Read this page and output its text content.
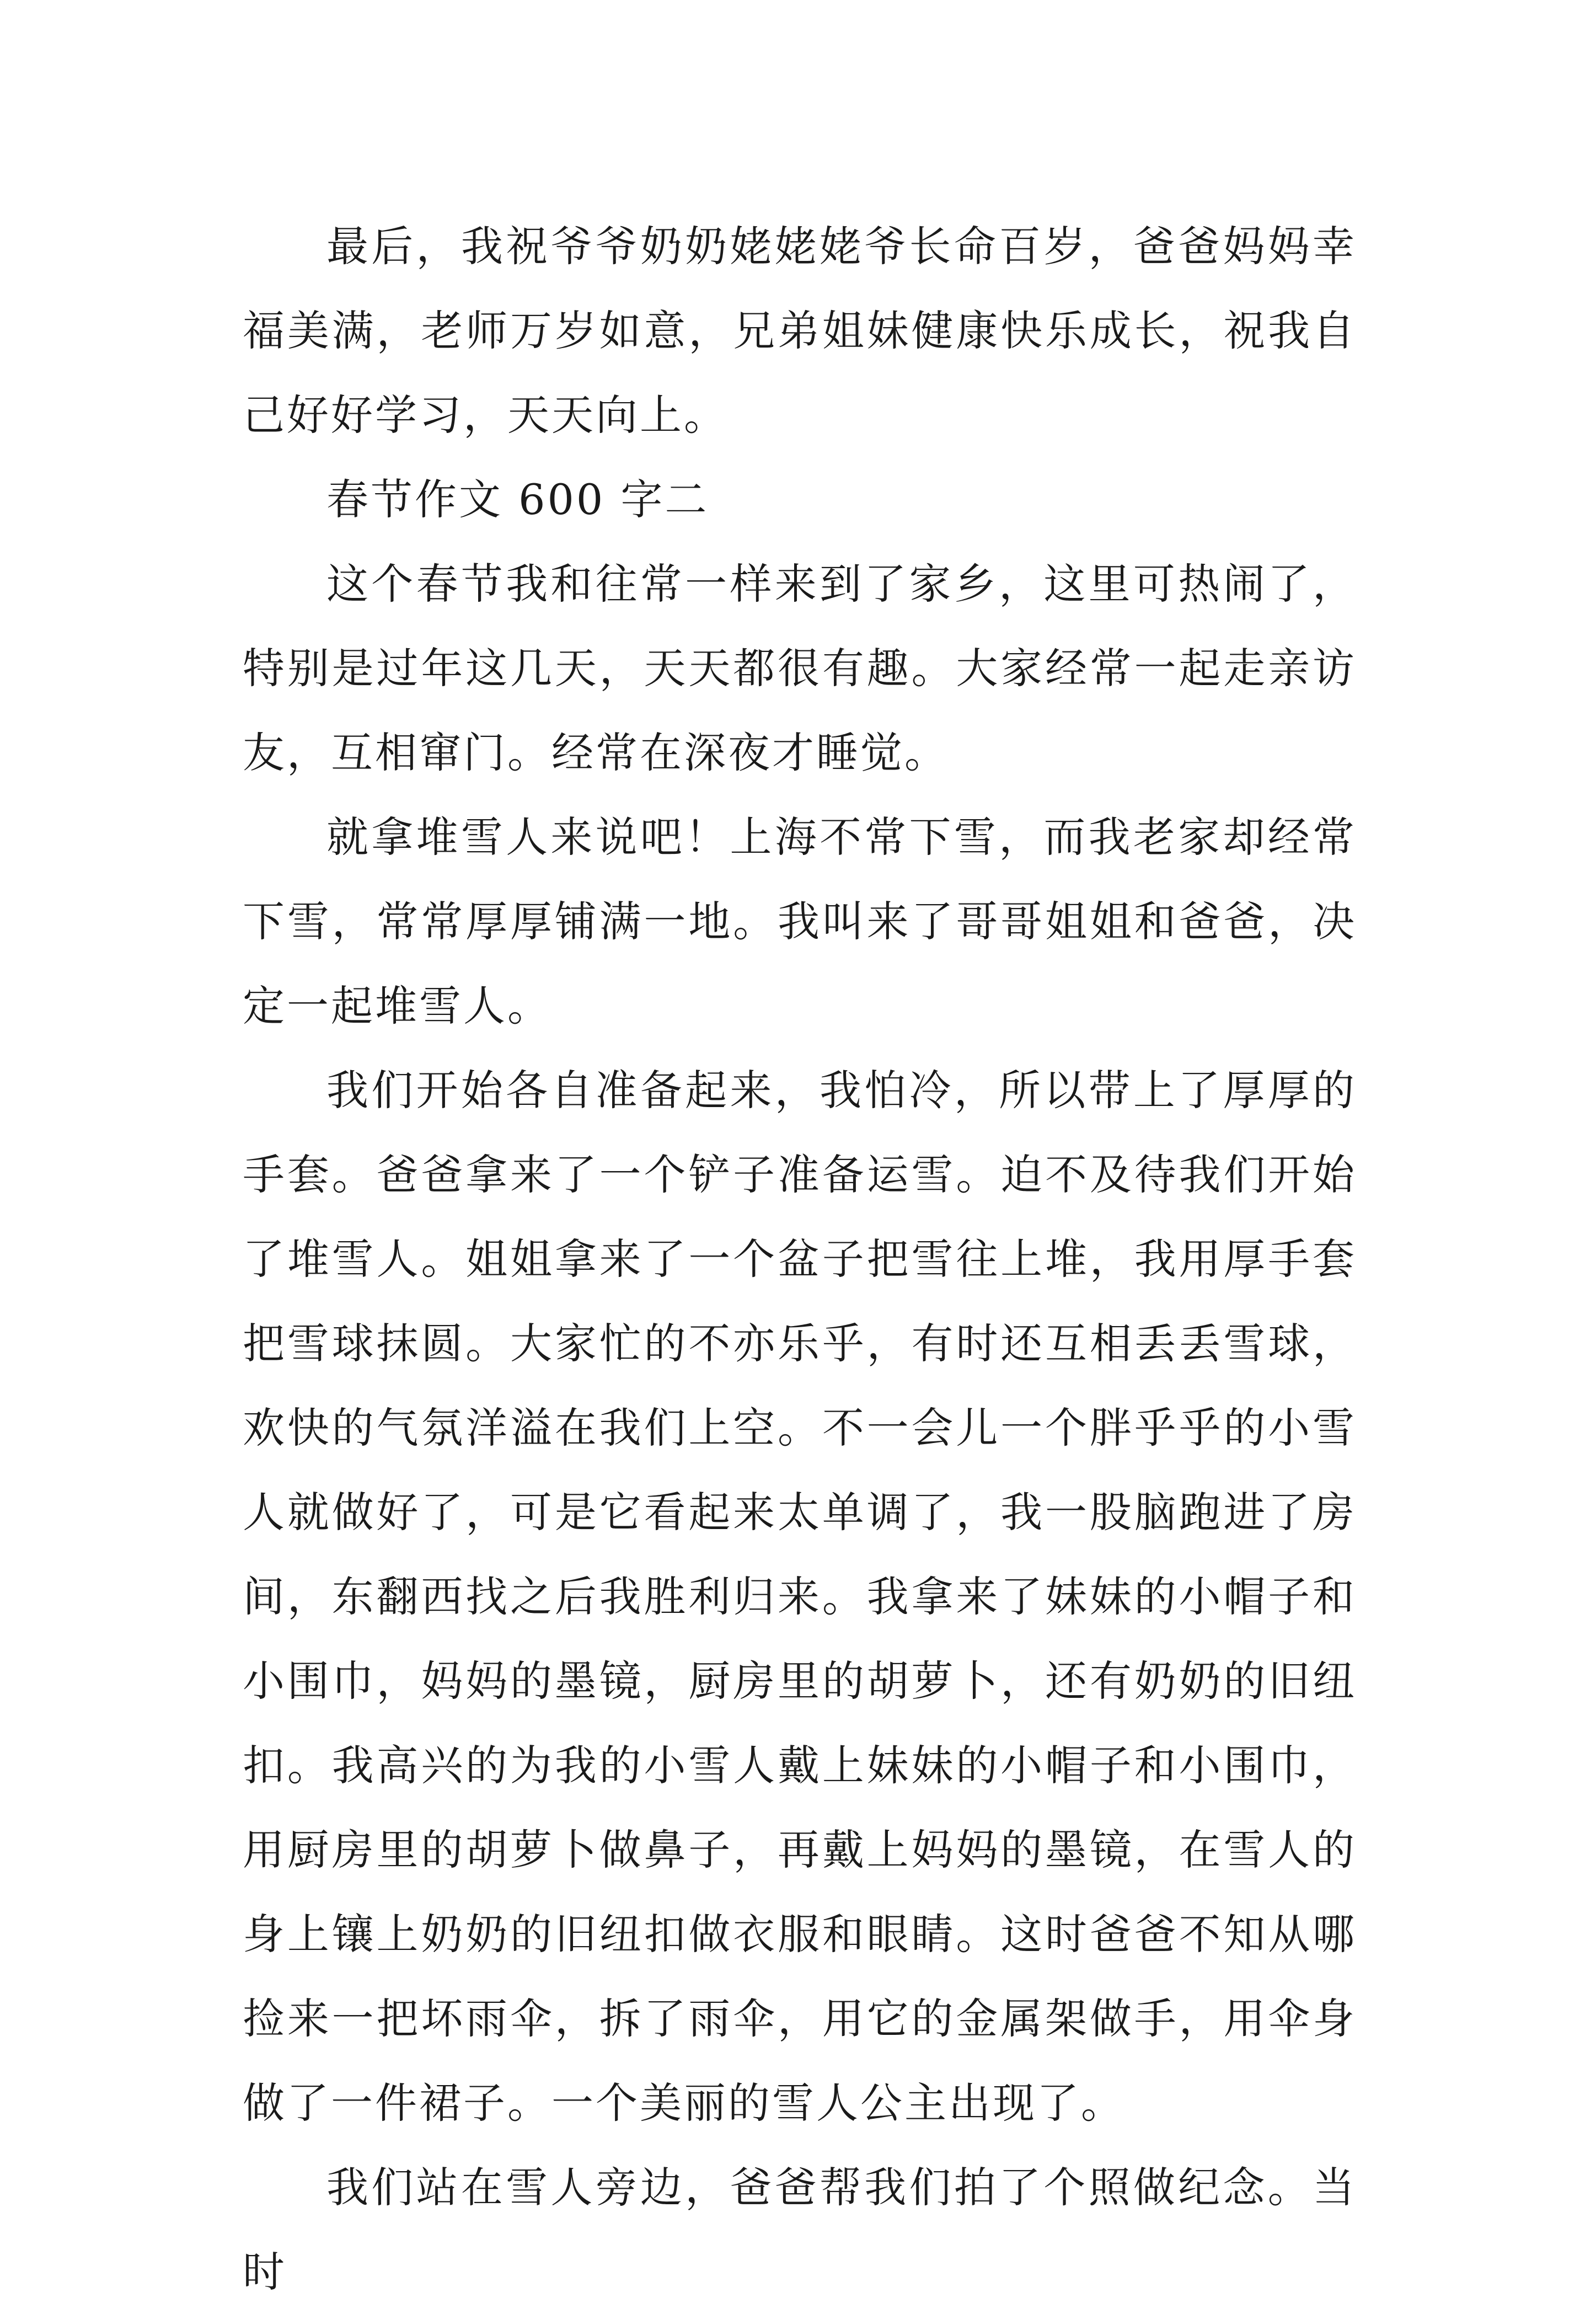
最后，我祝爷爷奶奶姥姥姥爷长命百岁，爸爸妈妈幸福美满，老师万岁如意，兄弟姐妹健康快乐成长，祝我自己好好学习，天天向上。

春节作文 600 字二

这个春节我和往常一样来到了家乡，这里可热闹了，特别是过年这几天，天天都很有趣。大家经常一起走亲访友，互相窜门。经常在深夜才睡觉。

就拿堆雪人来说吧！上海不常下雪，而我老家却经常下雪，常常厚厚铺满一地。我叫来了哥哥姐姐和爸爸，决定一起堆雪人。

我们开始各自准备起来，我怕冷，所以带上了厚厚的手套。爸爸拿来了一个铲子准备运雪。迫不及待我们开始了堆雪人。姐姐拿来了一个盆子把雪往上堆，我用厚手套把雪球抹圆。大家忙的不亦乐乎，有时还互相丢丢雪球，欢快的气氛洋溢在我们上空。不一会儿一个胖乎乎的小雪人就做好了，可是它看起来太单调了，我一股脑跑进了房间，东翻西找之后我胜利归来。我拿来了妹妹的小帽子和小围巾，妈妈的墨镜，厨房里的胡萝卜，还有奶奶的旧纽扣。我高兴的为我的小雪人戴上妹妹的小帽子和小围巾，用厨房里的胡萝卜做鼻子，再戴上妈妈的墨镜，在雪人的身上镶上奶奶的旧纽扣做衣服和眼睛。这时爸爸不知从哪捡来一把坏雨伞，拆了雨伞，用它的金属架做手，用伞身做了一件裙子。一个美丽的雪人公主出现了。

我们站在雪人旁边，爸爸帮我们拍了个照做纪念。当时
